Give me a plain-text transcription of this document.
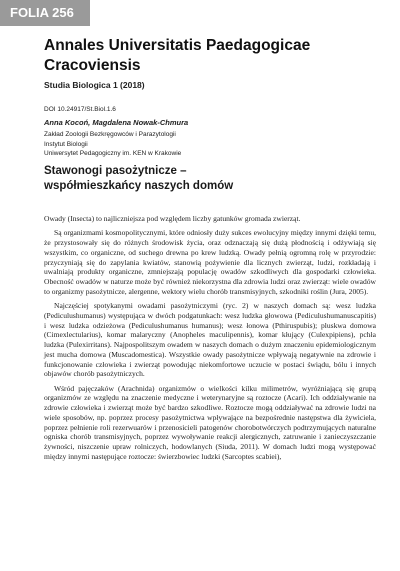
FOLIA 256
Annales Universitatis Paedagogicae Cracoviensis
Studia Biologica 1 (2018)
DOI 10.24917/St.Biol.1.6
Anna Kocoń, Magdalena Nowak-Chmura
Zakład Zoologii Bezkręgowców i Parazytologii
Instytut Biologii
Uniwersytet Pedagogiczny im. KEN w Krakowie
Stawonogi pasożytnicze –
współmieszkańcy naszych domów

Owady (Insecta) to najliczniejsza pod względem liczby gatunków gromada zwierząt.

Są organizmami kosmopolitycznymi, które odniosły duży sukces ewolucyjny między innymi dzięki temu, że przystosowały się do różnych środowisk życia, oraz odznaczają się dużą płodnością i odżywiają się wszystkim, co organiczne, od suchego drewna po krew ludzką. Owady pełnią ogromną rolę w przyrodzie: przyczyniają się do zapylania kwiatów, stanowią pożywienie dla licznych zwierząt, ludzi, rozkładają i uwalniają produkty organiczne, zmniejszają populację owadów szkodliwych dla gospodarki człowieka. Obecność owadów w naturze może być również niekorzystna dla zdrowia ludzi oraz zwierząt: wiele owadów to organizmy pasożytnicze, alergenne, wektory wielu chorób transmisyjnych, szkodniki roślin (Jura, 2005).

Najczęściej spotykanymi owadami pasożytniczymi (ryc. 2) w naszych domach są: wesz ludzka (Pediculushumanus) występująca w dwóch podgatunkach: wesz ludzka głowowa (Pediculushumanuscapitis) i wesz ludzka odzieżowa (Pediculushumanus humanus); wesz łonowa (Pthiruspubis); pluskwa domowa (Cimexlectularius), komar malaryczny (Anopheles maculipennis), komar kłujący (Culexpipiens), pchła ludzka (Pulexirritans). Najpospolitszym owadem w naszych domach o dużym znaczeniu epidemiologicznym jest mucha domowa (Muscadomestica). Wszystkie owady pasożytnicze wpływają negatywnie na zdrowie i funkcjonowanie człowieka i zwierząt powodując niekomfortowe uczucie w postaci świądu, bólu i innych objawów chorób pasożytniczych.

Wśród pajęczaków (Arachnida) organizmów o wielkości kilku milimetrów, wyróżniającą się grupą organizmów ze względu na znaczenie medyczne i weterynaryjne są roztocze (Acari). Ich oddziaływanie na zdrowie człowieka i zwierząt może być bardzo szkodliwe. Roztocze mogą oddziaływać na zdrowie ludzi na wiele sposobów, np. poprzez procesy pasożytnictwa wpływające na bezpośrednie następstwa dla żywiciela, poprzez pełnienie roli rezerwuarów i przenosicieli patogenów chorobotwórczych podtrzymujących naturalne ogniska chorób transmisyjnych, poprzez wywoływanie reakcji alergicznych, zatruwanie i zanieczyszczanie żywności, niszczenie upraw rolniczych, hodowlanych (Siuda, 2011). W domach ludzi mogą występować między innymi następujące roztocze: świerzbowiec ludzki (Sarcoptes scabiei),
